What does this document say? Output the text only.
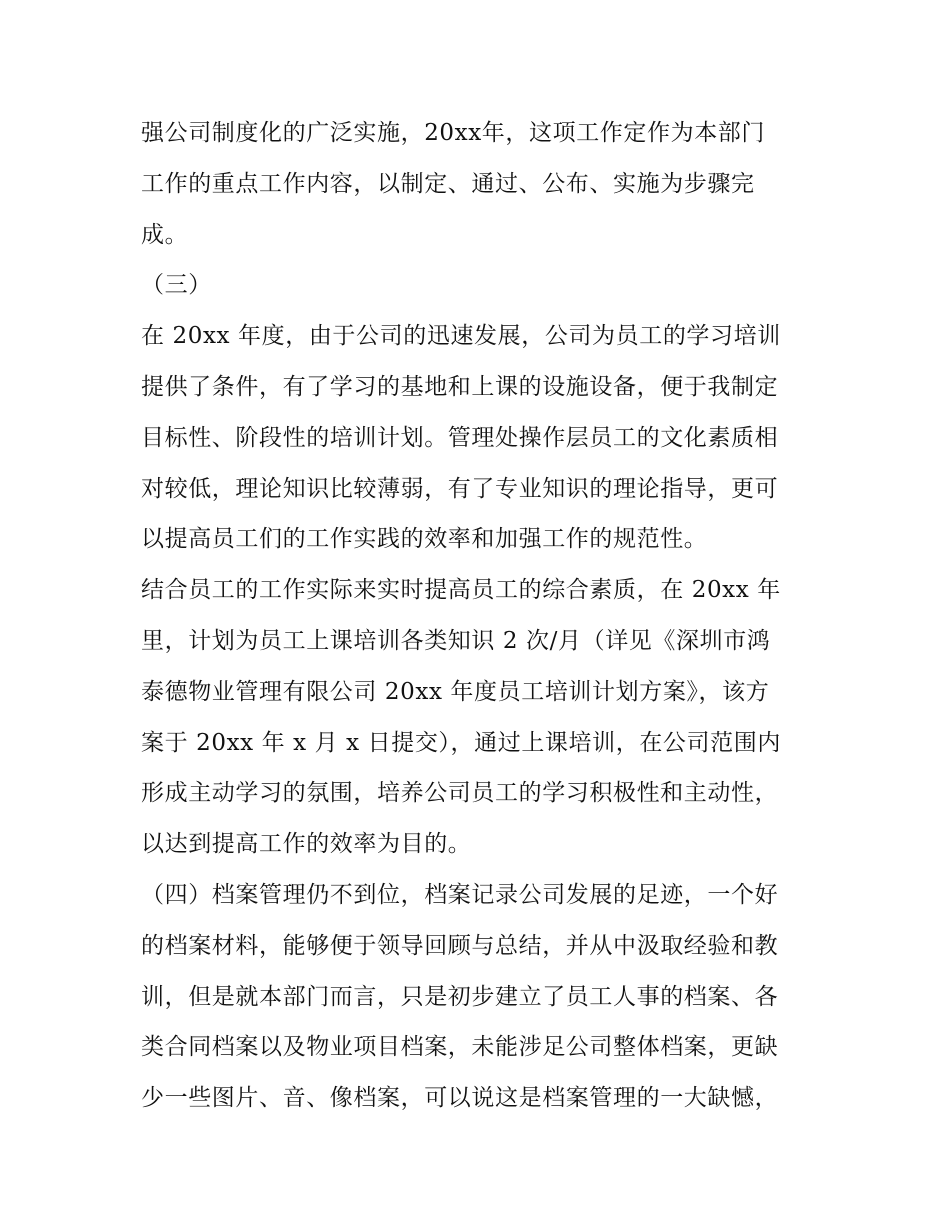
强公司制度化的广泛实施，20xx年，这项工作定作为本部门
工作的重点工作内容，以制定、通过、公布、实施为步骤完
成。
（三）
在 20xx 年度，由于公司的迅速发展，公司为员工的学习培训
提供了条件，有了学习的基地和上课的设施设备，便于我制定
目标性、阶段性的培训计划。管理处操作层员工的文化素质相
对较低，理论知识比较薄弱，有了专业知识的理论指导，更可
以提高员工们的工作实践的效率和加强工作的规范性。
结合员工的工作实际来实时提高员工的综合素质，在 20xx 年
里，计划为员工上课培训各类知识 2 次/月（详见《深圳市鸿
泰德物业管理有限公司 20xx 年度员工培训计划方案》，该方
案于 20xx 年 x 月 x 日提交），通过上课培训，在公司范围内
形成主动学习的氛围，培养公司员工的学习积极性和主动性，
以达到提高工作的效率为目的。
（四）档案管理仍不到位，档案记录公司发展的足迹，一个好
的档案材料，能够便于领导回顾与总结，并从中汲取经验和教
训，但是就本部门而言，只是初步建立了员工人事的档案、各
类合同档案以及物业项目档案，未能涉足公司整体档案，更缺
少一些图片、音、像档案，可以说这是档案管理的一大缺憾，
